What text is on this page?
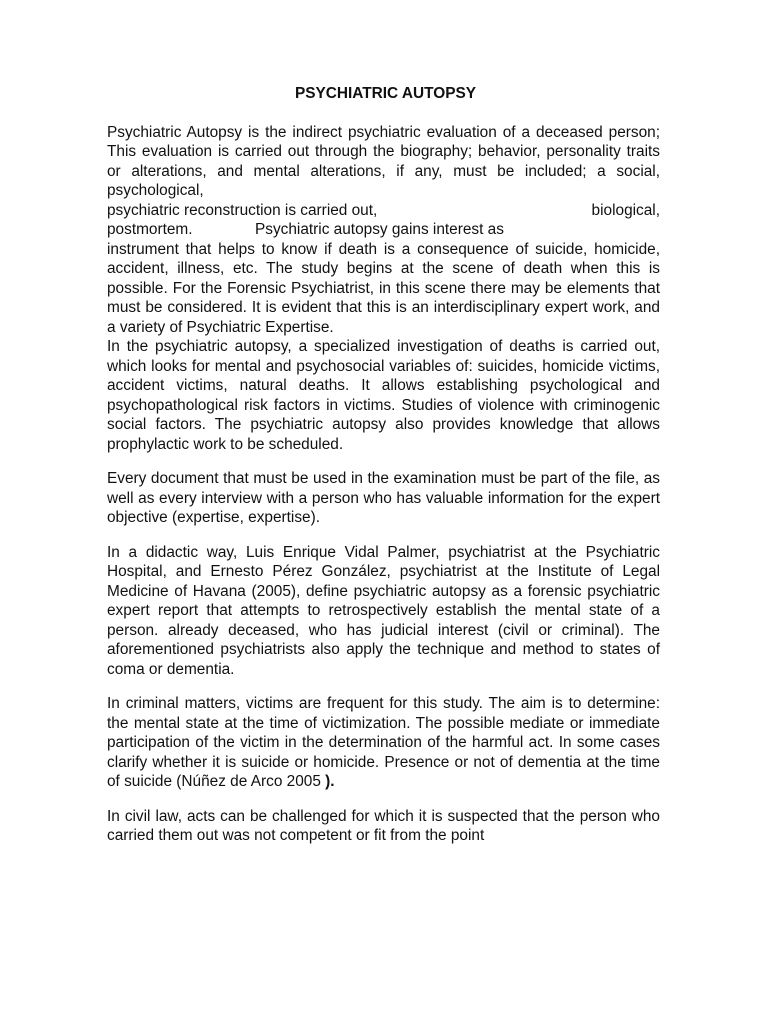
PSYCHIATRIC AUTOPSY

Psychiatric Autopsy is the indirect psychiatric evaluation of a deceased person; This evaluation is carried out through the biography; behavior, personality traits or alterations, and mental alterations, if any, must be included; a social, psychological,

psychiatric reconstruction is carried out,	biological,
postmortem.	Psychiatric autopsy gains interest as

instrument that helps to know if death is a consequence of suicide, homicide, accident, illness, etc. The study begins at the scene of death when this is possible. For the Forensic Psychiatrist, in this scene there may be elements that must be considered. It is evident that this is an interdisciplinary expert work, and a variety of Psychiatric Expertise.

In the psychiatric autopsy, a specialized investigation of deaths is carried out, which looks for mental and psychosocial variables of: suicides, homicide victims, accident victims, natural deaths. It allows establishing psychological and psychopathological risk factors in victims. Studies of violence with criminogenic social factors. The psychiatric autopsy also provides knowledge that allows prophylactic work to be scheduled.

Every document that must be used in the examination must be part of the file, as well as every interview with a person who has valuable information for the expert objective (expertise, expertise).

In a didactic way, Luis Enrique Vidal Palmer, psychiatrist at the Psychiatric Hospital, and Ernesto Pérez González, psychiatrist at the Institute of Legal Medicine of Havana (2005), define psychiatric autopsy as a forensic psychiatric expert report that attempts to retrospectively establish the mental state of a person. already deceased, who has judicial interest (civil or criminal). The aforementioned psychiatrists also apply the technique and method to states of coma or dementia.

In criminal matters, victims are frequent for this study. The aim is to determine: the mental state at the time of victimization. The possible mediate or immediate participation of the victim in the determination of the harmful act. In some cases clarify whether it is suicide or homicide. Presence or not of dementia at the time of suicide (Núñez de Arco 2005 ).

In civil law, acts can be challenged for which it is suspected that the person who carried them out was not competent or fit from the point
